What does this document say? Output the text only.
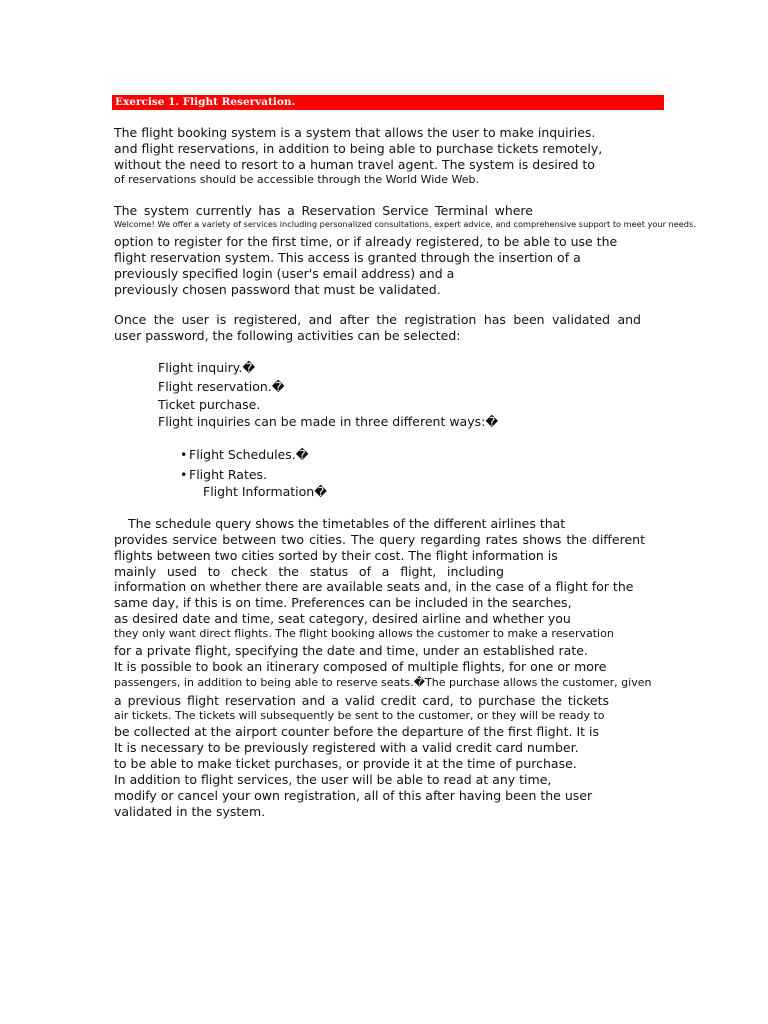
Exercise 1. Flight Reservation.
The flight booking system is a system that allows the user to make inquiries.
and flight reservations, in addition to being able to purchase tickets remotely,
without the need to resort to a human travel agent. The system is desired to
of reservations should be accessible through the World Wide Web.
The system currently has a Reservation Service Terminal where
Welcome! We offer a variety of services including personalized consultations, expert advice, and comprehensive support to meet your needs.
option to register for the first time, or if already registered, to be able to use the
flight reservation system. This access is granted through the insertion of a
previously specified login (user's email address) and a
previously chosen password that must be validated.
Once the user is registered, and after the registration has been validated and
user password, the following activities can be selected:
Flight inquiry.�
Flight reservation.�
Ticket purchase.
Flight inquiries can be made in three different ways:�
• Flight Schedules.�
• Flight Rates.
Flight Information�
The schedule query shows the timetables of the different airlines that
provides service between two cities. The query regarding rates shows the different
flights between two cities sorted by their cost. The flight information is
mainly used to check the status of a flight, including
information on whether there are available seats and, in the case of a flight for the
same day, if this is on time. Preferences can be included in the searches,
as desired date and time, seat category, desired airline and whether you
they only want direct flights. The flight booking allows the customer to make a reservation
for a private flight, specifying the date and time, under an established rate.
It is possible to book an itinerary composed of multiple flights, for one or more
passengers, in addition to being able to reserve seats.�The purchase allows the customer, given
a previous flight reservation and a valid credit card, to purchase the tickets
air tickets. The tickets will subsequently be sent to the customer, or they will be ready to
be collected at the airport counter before the departure of the first flight. It is
It is necessary to be previously registered with a valid credit card number.
to be able to make ticket purchases, or provide it at the time of purchase.
In addition to flight services, the user will be able to read at any time,
modify or cancel your own registration, all of this after having been the user
validated in the system.
